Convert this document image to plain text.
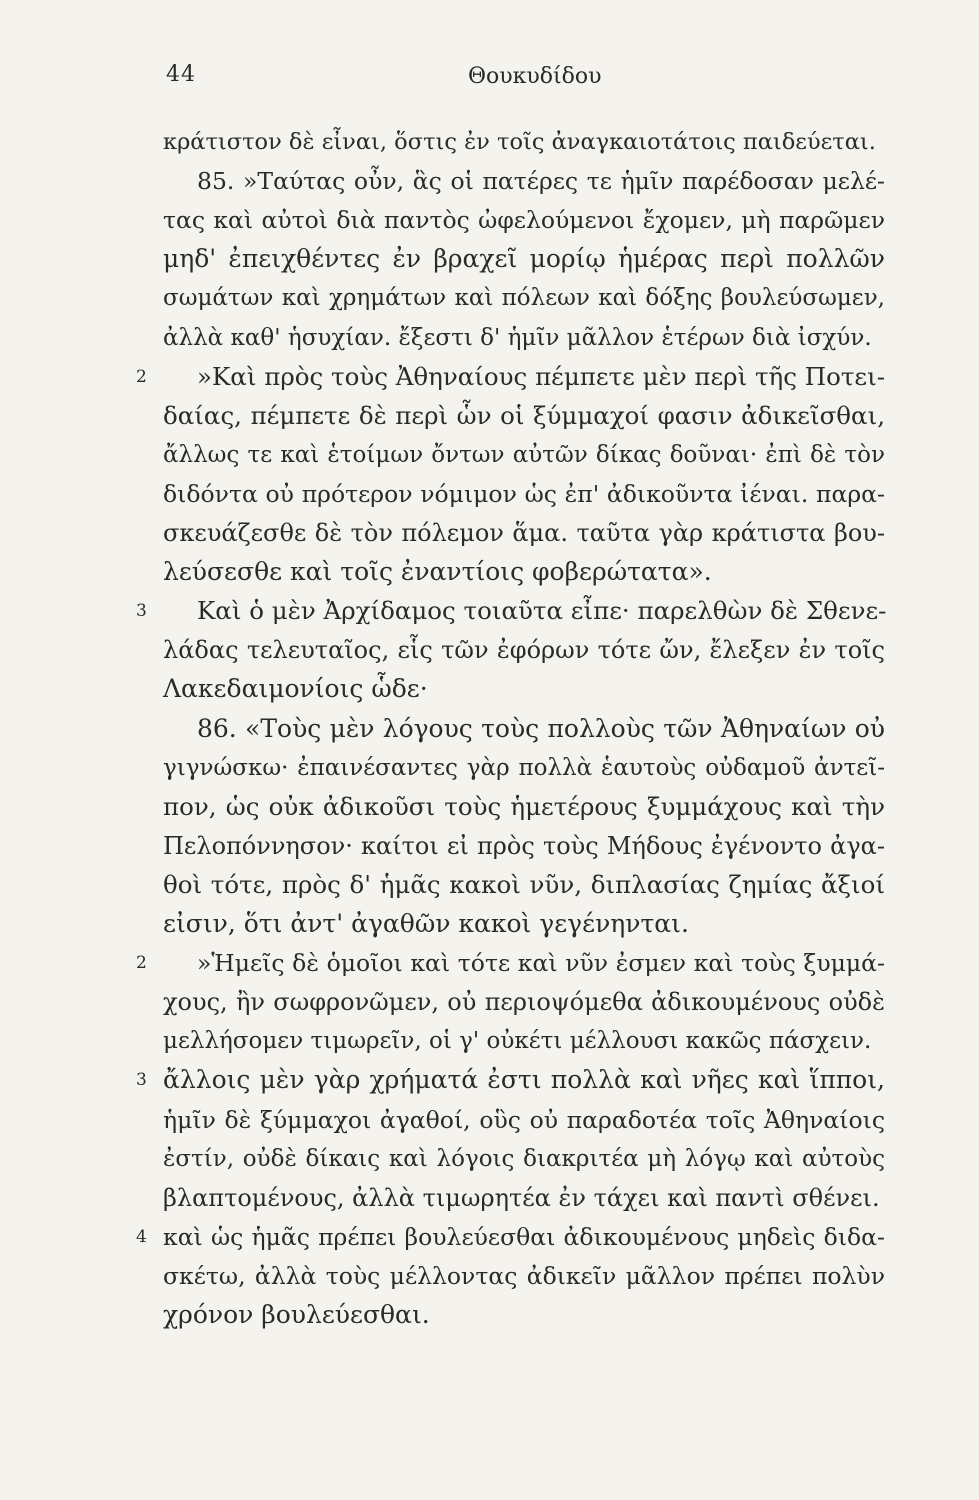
44	Θουκυδίδου
κράτιστον δὲ εἶναι, ὅστις ἐν τοῖς ἀναγκαιοτάτοις παιδεύεται.
85. »Ταύτας οὖν, ἃς οἱ πατέρες τε ἡμῖν παρέδοσαν μελέ-
τας καὶ αὐτοὶ διὰ παντὸς ὠφελούμενοι ἔχομεν, μὴ παρῶμεν
μηδ' ἐπειχθέντες ἐν βραχεῖ μορίῳ ἡμέρας περὶ πολλῶν
σωμάτων καὶ χρημάτων καὶ πόλεων καὶ δόξης βουλεύσωμεν,
ἀλλὰ καθ' ἡσυχίαν. ἔξεστι δ' ἡμῖν μᾶλλον ἑτέρων διὰ ἰσχύν.
2 »Καὶ πρὸς τοὺς Ἀθηναίους πέμπετε μὲν περὶ τῆς Ποτει-
δαίας, πέμπετε δὲ περὶ ὧν οἱ ξύμμαχοί φασιν ἀδικεῖσθαι,
ἄλλως τε καὶ ἑτοίμων ὄντων αὐτῶν δίκας δοῦναι· ἐπὶ δὲ τὸν
διδόντα οὐ πρότερον νόμιμον ὡς ἐπ' ἀδικοῦντα ἰέναι. παρα-
σκευάζεσθε δὲ τὸν πόλεμον ἅμα. ταῦτα γὰρ κράτιστα βου-
λεύσεσθε καὶ τοῖς ἐναντίοις φοβερώτατα».
3 Καὶ ὁ μὲν Ἀρχίδαμος τοιαῦτα εἶπε· παρελθὼν δὲ Σθενε-
λάδας τελευταῖος, εἷς τῶν ἐφόρων τότε ὤν, ἔλεξεν ἐν τοῖς
Λακεδαιμονίοις ὧδε·
86. «Τοὺς μὲν λόγους τοὺς πολλοὺς τῶν Ἀθηναίων οὐ
γιγνώσκω· ἐπαινέσαντες γὰρ πολλὰ ἑαυτοὺς οὐδαμοῦ ἀντεῖ-
πον, ὡς οὐκ ἀδικοῦσι τοὺς ἡμετέρους ξυμμάχους καὶ τὴν
Πελοπόννησον· καίτοι εἰ πρὸς τοὺς Μήδους ἐγένοντο ἀγα-
θοὶ τότε, πρὸς δ' ἡμᾶς κακοὶ νῦν, διπλασίας ζημίας ἄξιοί
εἰσιν, ὅτι ἀντ' ἀγαθῶν κακοὶ γεγένηνται.
2 »Ἡμεῖς δὲ ὁμοῖοι καὶ τότε καὶ νῦν ἐσμεν καὶ τοὺς ξυμμά-
χους, ἢν σωφρονῶμεν, οὐ περιοψόμεθα ἀδικουμένους οὐδὲ
μελλήσομεν τιμωρεῖν, οἱ γ' οὐκέτι μέλλουσι κακῶς πάσχειν.
3 ἄλλοις μὲν γὰρ χρήματά ἐστι πολλὰ καὶ νῆες καὶ ἵπποι,
ἡμῖν δὲ ξύμμαχοι ἀγαθοί, οὓς οὐ παραδοτέα τοῖς Ἀθηναίοις
ἐστίν, οὐδὲ δίκαις καὶ λόγοις διακριτέα μὴ λόγῳ καὶ αὐτοὺς
βλαπτομένους, ἀλλὰ τιμωρητέα ἐν τάχει καὶ παντὶ σθένει.
4 καὶ ὡς ἡμᾶς πρέπει βουλεύεσθαι ἀδικουμένους μηδεὶς διδα-
σκέτω, ἀλλὰ τοὺς μέλλοντας ἀδικεῖν μᾶλλον πρέπει πολὺν
χρόνον βουλεύεσθαι.
